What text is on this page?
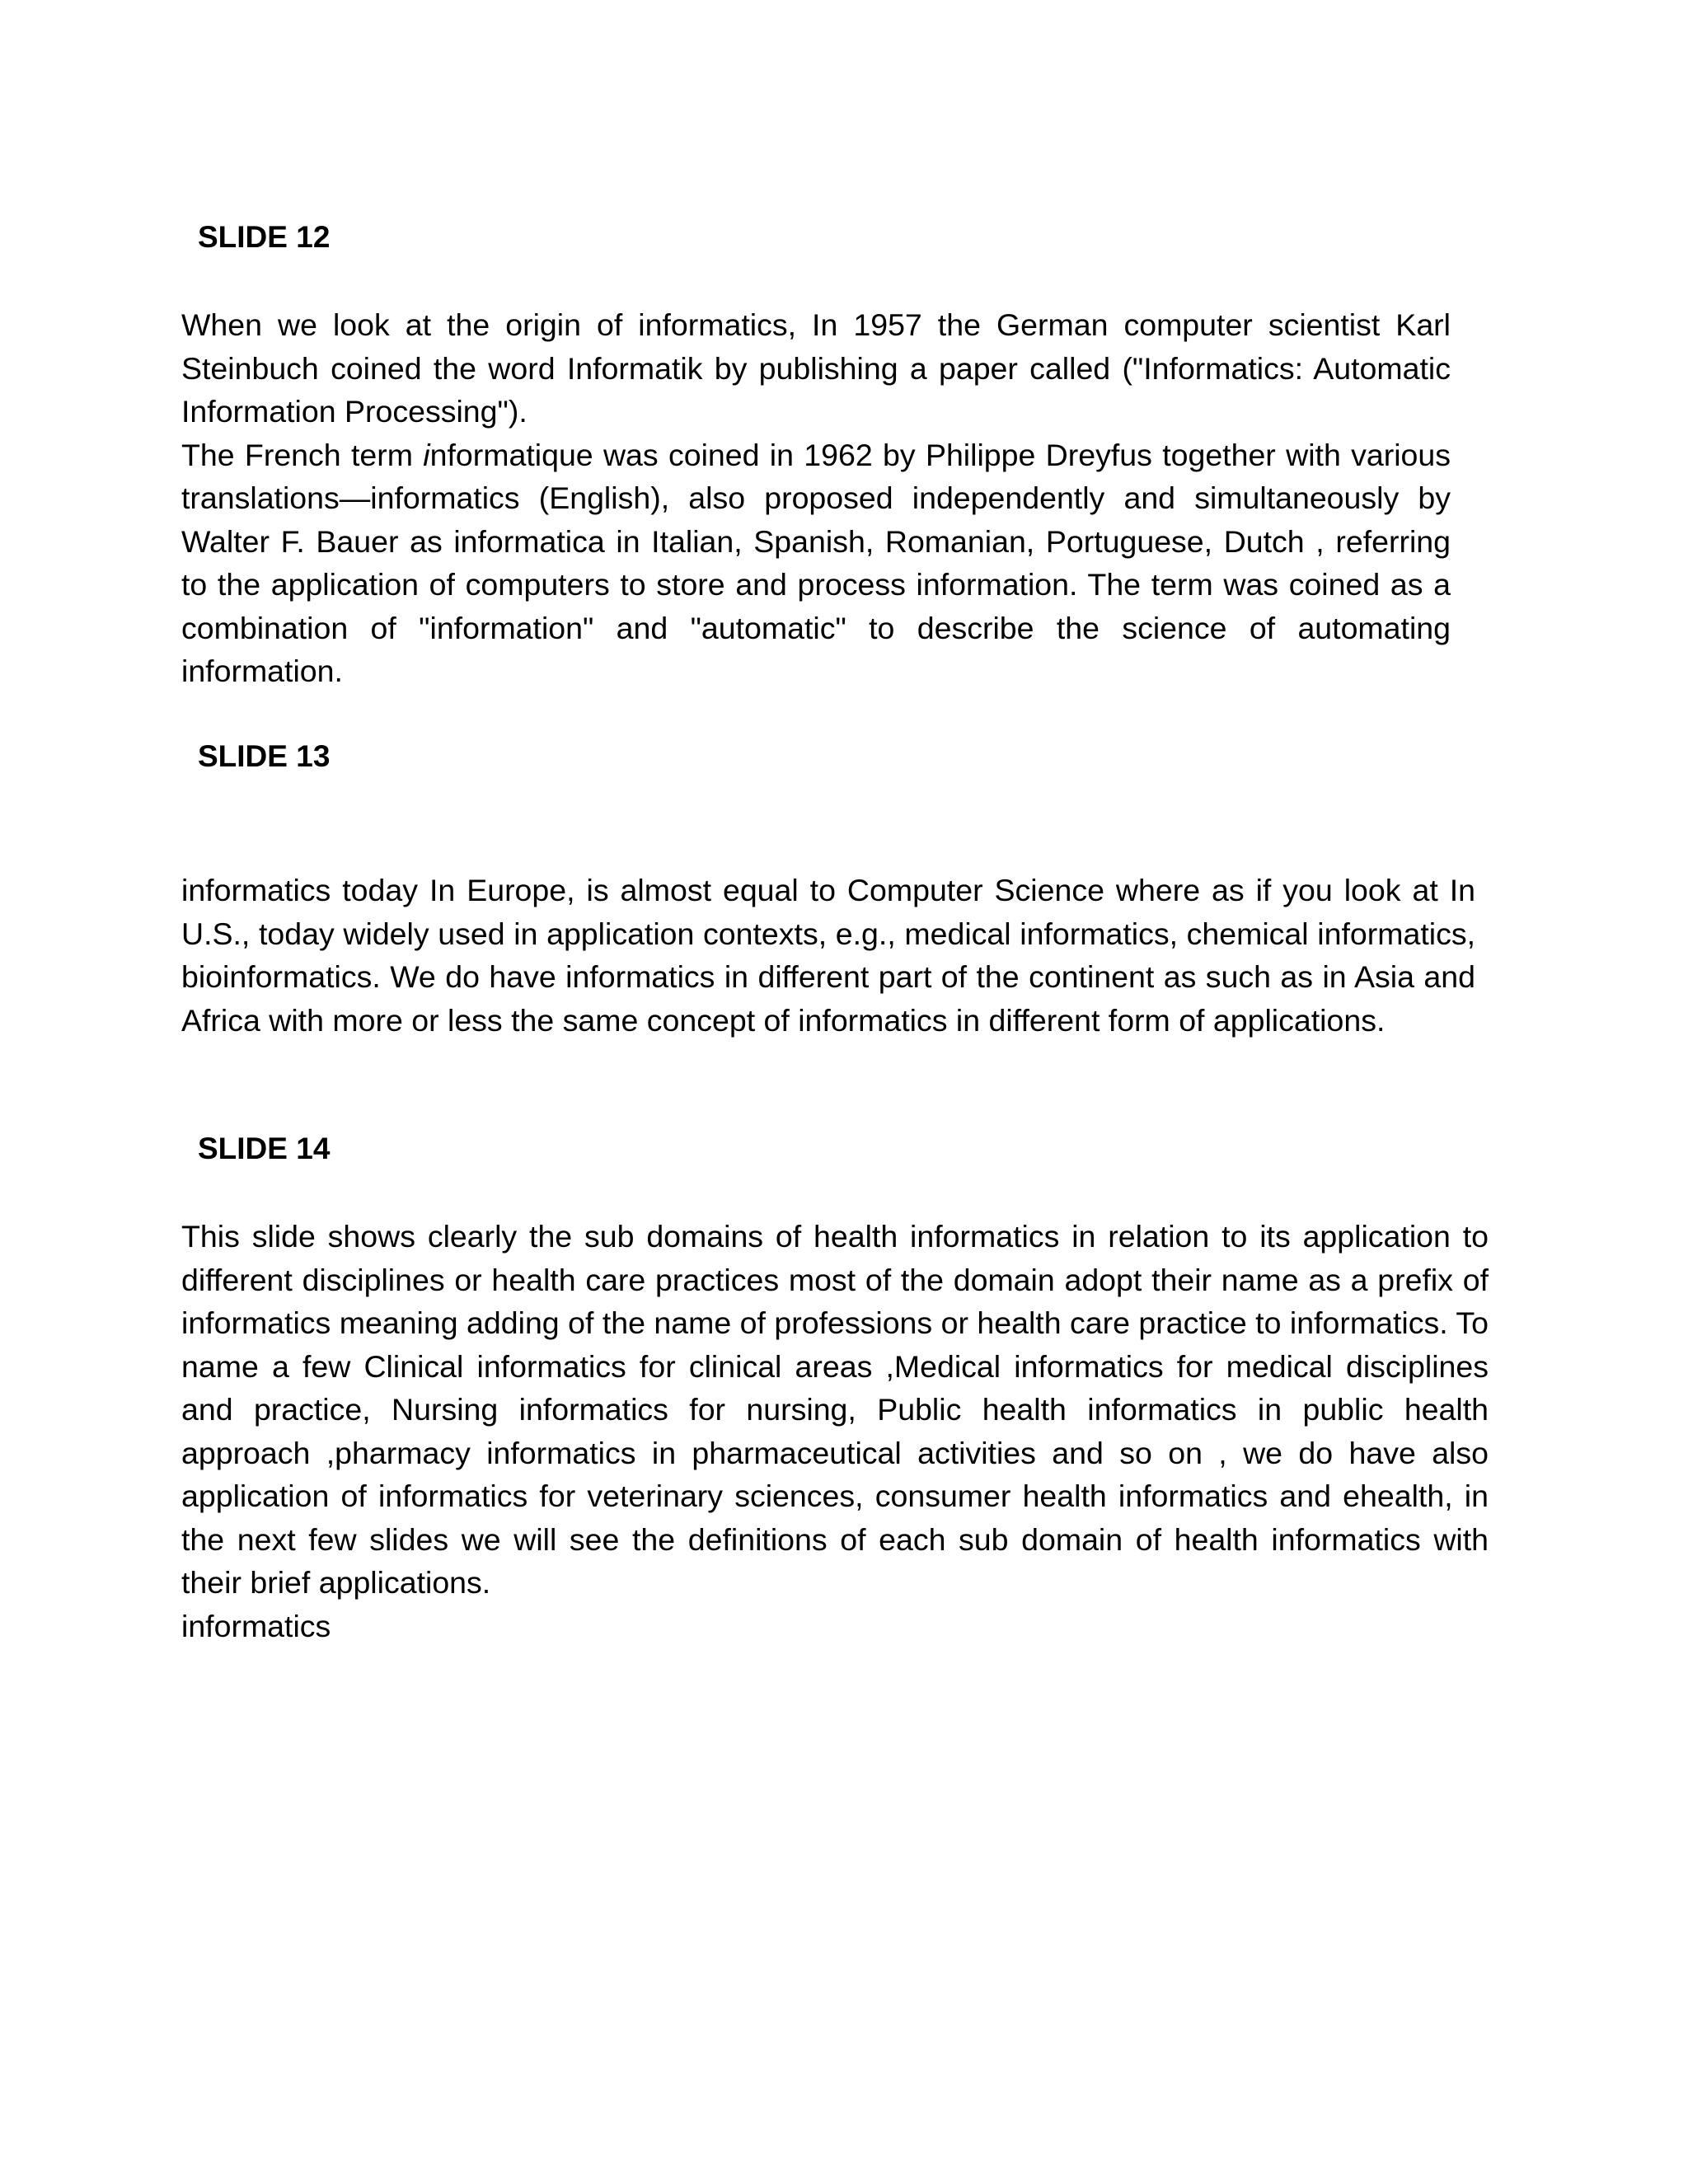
SLIDE 12

When we look at the origin of informatics, In 1957 the German computer scientist Karl Steinbuch coined the word Informatik by publishing a paper called ("Informatics: Automatic Information Processing").

The French term informatique was coined in 1962 by Philippe Dreyfus together with various translations—informatics (English), also proposed independently and simultaneously by Walter F. Bauer as informatica in Italian, Spanish, Romanian, Portuguese, Dutch , referring to the application of computers to store and process information. The term was coined as a combination of "information" and "automatic" to describe the science of automating information.

SLIDE 13

informatics today In Europe, is almost equal to Computer Science where as if you look at In U.S., today widely used in application contexts, e.g., medical informatics, chemical informatics, bioinformatics. We do have informatics in different part of the continent as such as in Asia and Africa with more or less the same concept of informatics in different form of applications.

SLIDE 14

This slide shows clearly the sub domains of health informatics in relation to its application to different disciplines or health care practices most of the domain adopt their name as a prefix of informatics meaning adding of the name of professions or health care practice to informatics. To name a few Clinical informatics for clinical areas ,Medical informatics for medical disciplines and practice, Nursing informatics for nursing, Public health informatics in public health approach ,pharmacy informatics in pharmaceutical activities and so on , we do have also application of informatics for veterinary sciences, consumer health informatics and ehealth, in the next few slides we will see the definitions of each sub domain of health informatics with their brief applications.

informatics
